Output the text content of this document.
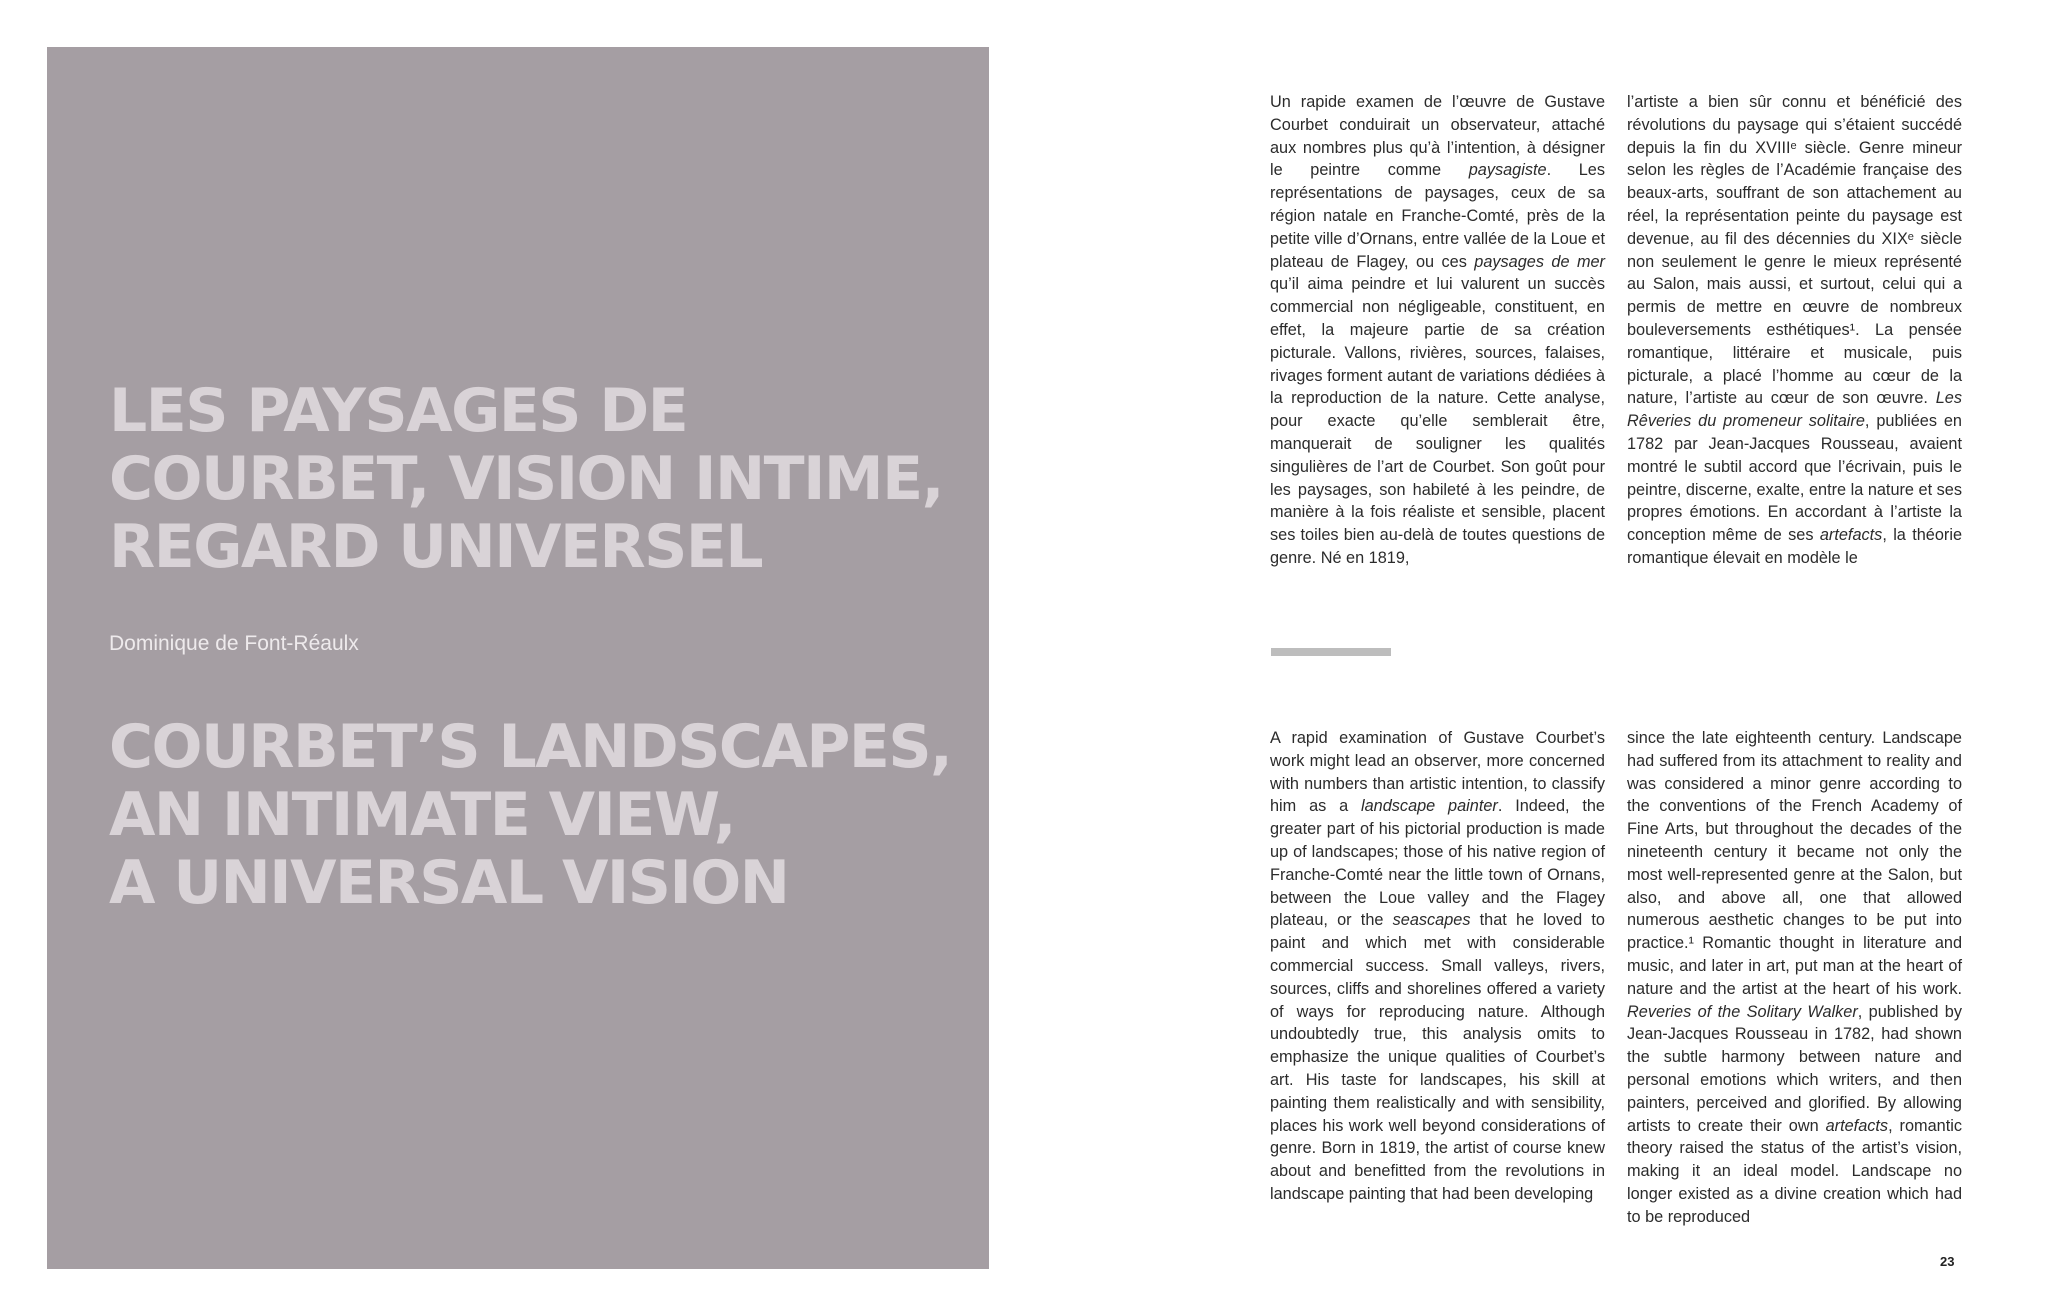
LES PAYSAGES DE
COURBET, VISION INTIME,
REGARD UNIVERSEL

Dominique de Font-Réaulx

COURBET’S LANDSCAPES,
AN INTIMATE VIEW,
A UNIVERSAL VISION

Un rapide examen de l’œuvre de Gustave Courbet conduirait un observateur, attaché aux nombres plus qu’à l’intention, à désigner le peintre comme paysagiste. Les représentations de paysages, ceux de sa région natale en Franche-Comté, près de la petite ville d’Ornans, entre vallée de la Loue et plateau de Flagey, ou ces paysages de mer qu’il aima peindre et lui valurent un succès commercial non négligeable, constituent, en effet, la majeure partie de sa création picturale. Vallons, rivières, sources, falaises, rivages forment autant de variations dédiées à la reproduction de la nature. Cette analyse, pour exacte qu’elle semblerait être, manquerait de souligner les qualités singulières de l’art de Courbet. Son goût pour les paysages, son habileté à les peindre, de manière à la fois réaliste et sensible, placent ses toiles bien au-delà de toutes questions de genre. Né en 1819,

l’artiste a bien sûr connu et bénéficié des révolutions du paysage qui s’étaient succédé depuis la fin du XVIIIᵉ siècle. Genre mineur selon les règles de l’Académie française des beaux-arts, souffrant de son attachement au réel, la représentation peinte du paysage est devenue, au fil des décennies du XIXᵉ siècle non seulement le genre le mieux représenté au Salon, mais aussi, et surtout, celui qui a permis de mettre en œuvre de nombreux bouleversements esthétiques¹. La pensée romantique, littéraire et musicale, puis picturale, a placé l’homme au cœur de la nature, l’artiste au cœur de son œuvre. Les Rêveries du promeneur solitaire, publiées en 1782 par Jean-Jacques Rousseau, avaient montré le subtil accord que l’écrivain, puis le peintre, discerne, exalte, entre la nature et ses propres émotions. En accordant à l’artiste la conception même de ses artefacts, la théorie romantique élevait en modèle le

A rapid examination of Gustave Courbet’s work might lead an observer, more concerned with numbers than artistic intention, to classify him as a landscape painter. Indeed, the greater part of his pictorial production is made up of landscapes; those of his native region of Franche-Comté near the little town of Ornans, between the Loue valley and the Flagey plateau, or the seascapes that he loved to paint and which met with considerable commercial success. Small valleys, rivers, sources, cliffs and shorelines offered a variety of ways for reproducing nature. Although undoubtedly true, this analysis omits to emphasize the unique qualities of Courbet’s art. His taste for landscapes, his skill at painting them realistically and with sensibility, places his work well beyond considerations of genre. Born in 1819, the artist of course knew about and benefitted from the revolutions in landscape painting that had been developing

since the late eighteenth century. Landscape had suffered from its attachment to reality and was considered a minor genre according to the conventions of the French Academy of Fine Arts, but throughout the decades of the nineteenth century it became not only the most well-represented genre at the Salon, but also, and above all, one that allowed numerous aesthetic changes to be put into practice.¹ Romantic thought in literature and music, and later in art, put man at the heart of nature and the artist at the heart of his work. Reveries of the Solitary Walker, published by Jean-Jacques Rousseau in 1782, had shown the subtle harmony between nature and personal emotions which writers, and then painters, perceived and glorified. By allowing artists to create their own artefacts, romantic theory raised the status of the artist’s vision, making it an ideal model. Landscape no longer existed as a divine creation which had to be reproduced

23
